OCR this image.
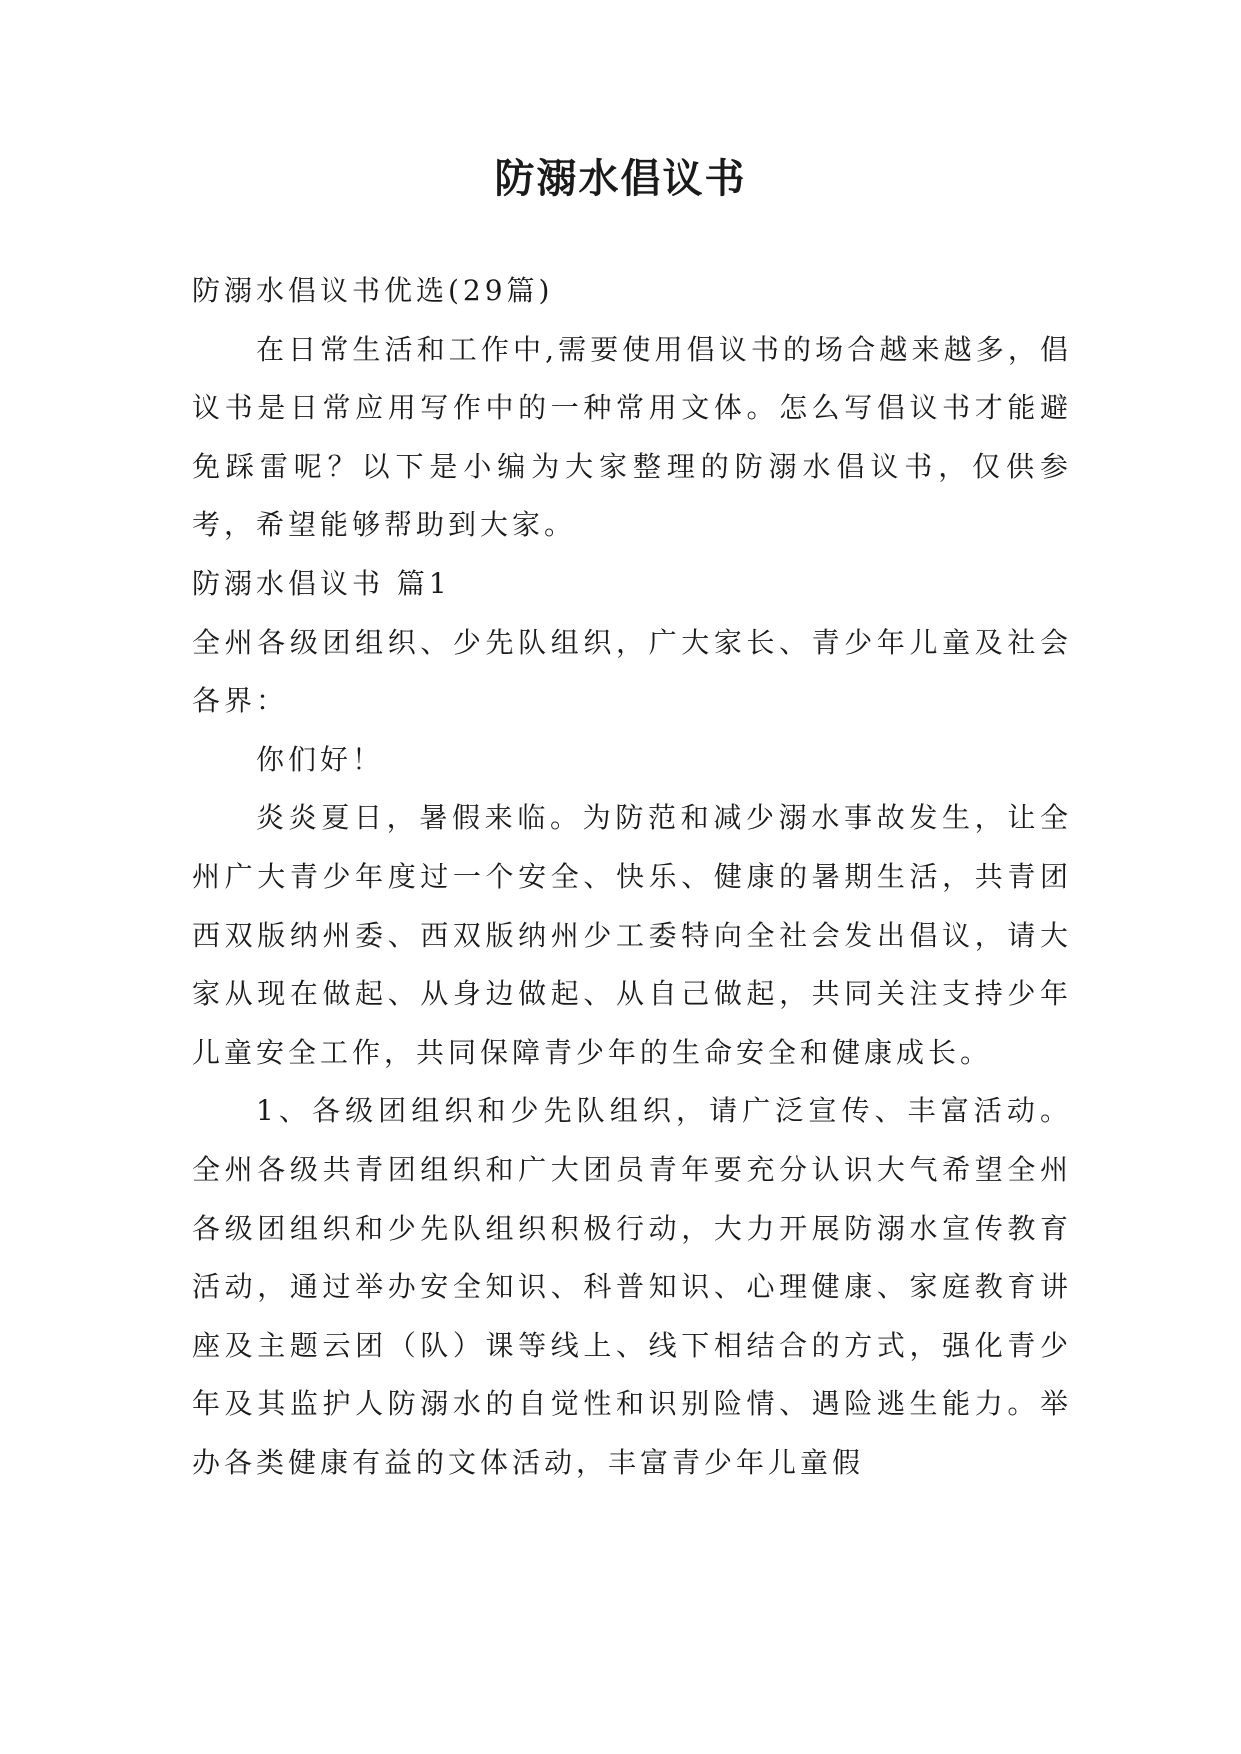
防溺水倡议书

防溺水倡议书优选(29篇)

在日常生活和工作中,需要使用倡议书的场合越来越多，倡议书是日常应用写作中的一种常用文体。怎么写倡议书才能避免踩雷呢？以下是小编为大家整理的防溺水倡议书，仅供参考，希望能够帮助到大家。

防溺水倡议书 篇1

全州各级团组织、少先队组织，广大家长、青少年儿童及社会各界：

你们好！

炎炎夏日，暑假来临。为防范和减少溺水事故发生，让全州广大青少年度过一个安全、快乐、健康的暑期生活，共青团西双版纳州委、西双版纳州少工委特向全社会发出倡议，请大家从现在做起、从身边做起、从自己做起，共同关注支持少年儿童安全工作，共同保障青少年的生命安全和健康成长。

1、各级团组织和少先队组织，请广泛宣传、丰富活动。全州各级共青团组织和广大团员青年要充分认识大气希望全州各级团组织和少先队组织积极行动，大力开展防溺水宣传教育活动，通过举办安全知识、科普知识、心理健康、家庭教育讲座及主题云团（队）课等线上、线下相结合的方式，强化青少年及其监护人防溺水的自觉性和识别险情、遇险逃生能力。举办各类健康有益的文体活动，丰富青少年儿童假
